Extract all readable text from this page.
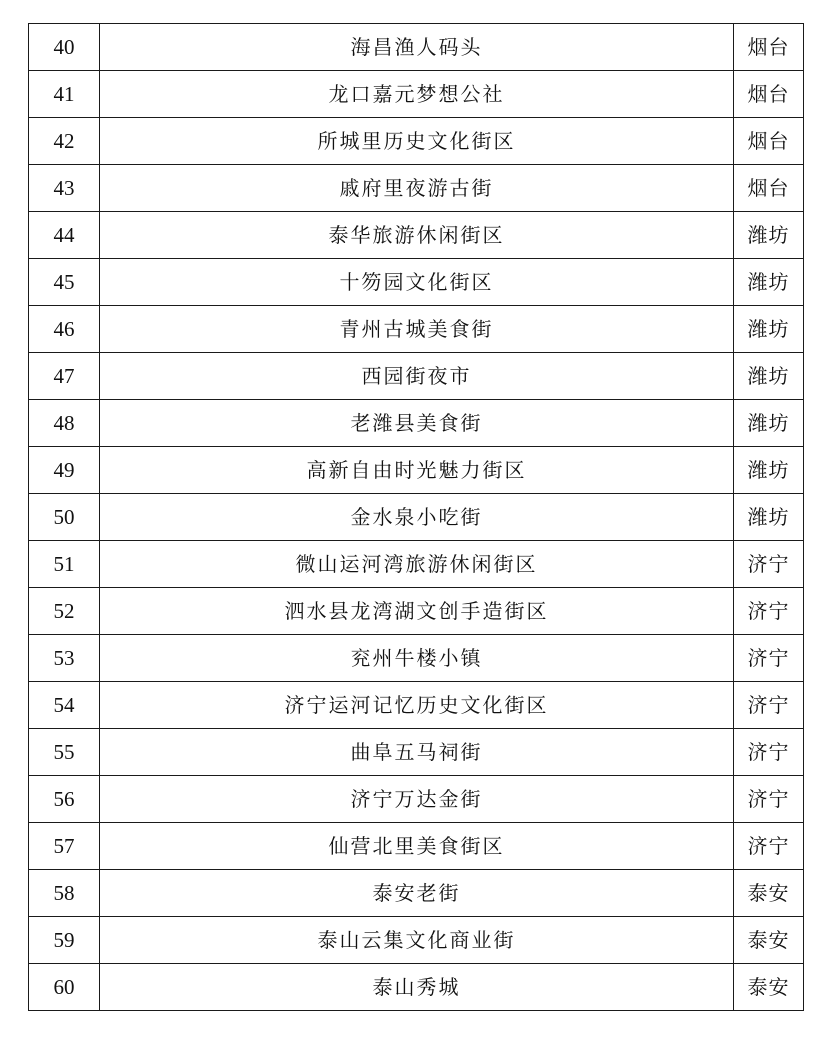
40	海昌渔人码头	烟台
41	龙口嘉元梦想公社	烟台
42	所城里历史文化街区	烟台
43	戚府里夜游古街	烟台
44	泰华旅游休闲街区	潍坊
45	十笏园文化街区	潍坊
46	青州古城美食街	潍坊
47	西园街夜市	潍坊
48	老潍县美食街	潍坊
49	高新自由时光魅力街区	潍坊
50	金水泉小吃街	潍坊
51	微山运河湾旅游休闲街区	济宁
52	泗水县龙湾湖文创手造街区	济宁
53	兖州牛楼小镇	济宁
54	济宁运河记忆历史文化街区	济宁
55	曲阜五马祠街	济宁
56	济宁万达金街	济宁
57	仙营北里美食街区	济宁
58	泰安老街	泰安
59	泰山云集文化商业街	泰安
60	泰山秀城	泰安
